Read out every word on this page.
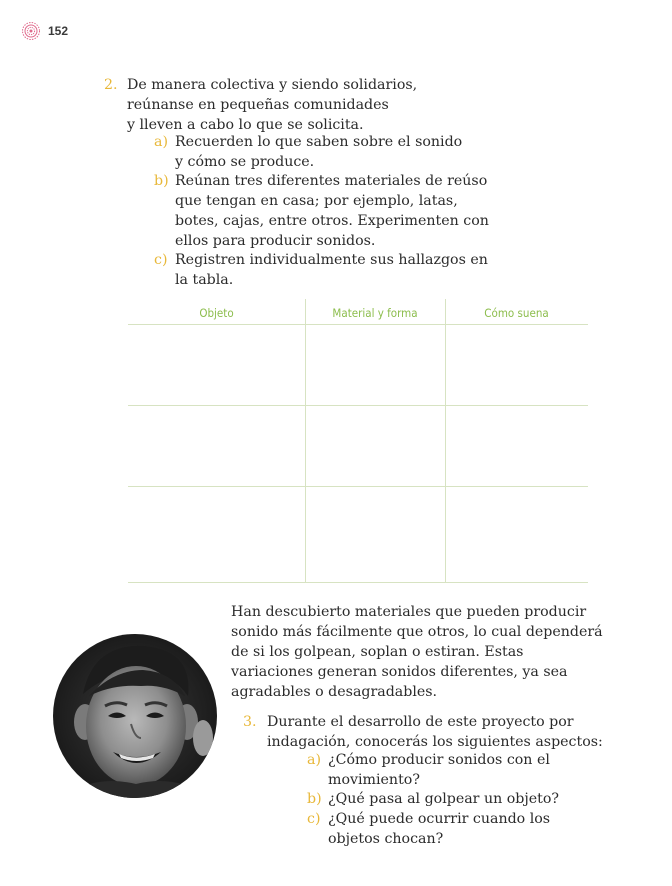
152
2. De manera colectiva y siendo solidarios,
reúnanse en pequeñas comunidades
y lleven a cabo lo que se solicita.
a) Recuerden lo que saben sobre el sonido
y cómo se produce.
b) Reúnan tres diferentes materiales de reúso
que tengan en casa; por ejemplo, latas,
botes, cajas, entre otros. Experimenten con
ellos para producir sonidos.
c) Registren individualmente sus hallazgos en
la tabla.
Objeto	Material y forma	Cómo suena
Han descubierto materiales que pueden producir
sonido más fácilmente que otros, lo cual dependerá
de si los golpean, soplan o estiran. Estas
variaciones generan sonidos diferentes, ya sea
agradables o desagradables.
3. Durante el desarrollo de este proyecto por
indagación, conocerás los siguientes aspectos:
a) ¿Cómo producir sonidos con el
movimiento?
b) ¿Qué pasa al golpear un objeto?
c) ¿Qué puede ocurrir cuando los
objetos chocan?
